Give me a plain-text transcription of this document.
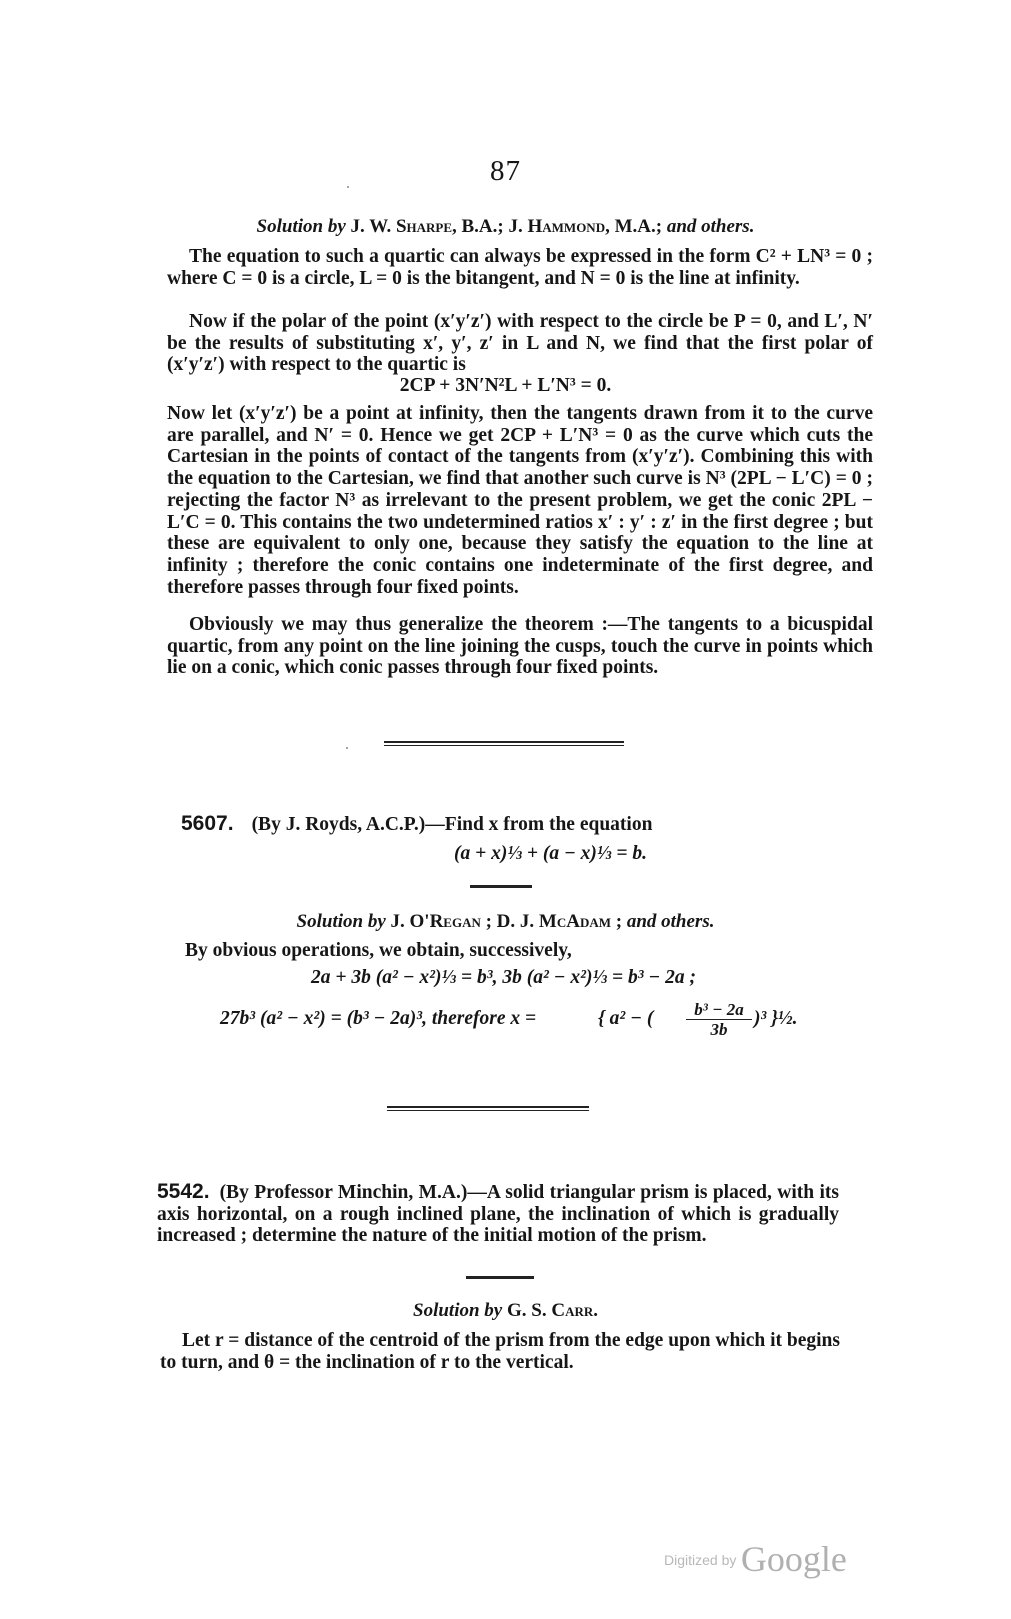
87
Solution by J. W. Sharpe, B.A.; J. Hammond, M.A.; and others.

The equation to such a quartic can always be expressed in the form C² + LN³ = 0 ; where C = 0 is a circle, L = 0 is the bitangent, and N = 0 is the line at infinity.

Now if the polar of the point (x′y′z′) with respect to the circle be P = 0, and L′, N′ be the results of substituting x′, y′, z′ in L and N, we find that the first polar of (x′y′z′) with respect to the quartic is

2CP + 3N′N²L + L′N³ = 0.

Now let (x′y′z′) be a point at infinity, then the tangents drawn from it to the curve are parallel, and N′ = 0. Hence we get 2CP + L′N³ = 0 as the curve which cuts the Cartesian in the points of contact of the tangents from (x′y′z′). Combining this with the equation to the Cartesian, we find that another such curve is N³ (2PL − L′C) = 0 ; rejecting the factor N³ as irrelevant to the present problem, we get the conic 2PL − L′C = 0. This contains the two undetermined ratios x′ : y′ : z′ in the first degree ; but these are equivalent to only one, because they satisfy the equation to the line at infinity ; therefore the conic contains one indeterminate of the first degree, and therefore passes through four fixed points.

Obviously we may thus generalize the theorem :—The tangents to a bicuspidal quartic, from any point on the line joining the cusps, touch the curve in points which lie on a conic, which conic passes through four fixed points.

5607. (By J. Royds, A.C.P.)—Find x from the equation
(a + x)⅓ + (a − x)⅓ = b.
Solution by J. O'Regan ; D. J. McAdam ; and others.
By obvious operations, we obtain, successively,
2a + 3b (a² − x²)⅓ = b³, 3b (a² − x²)⅓ = b³ − 2a ;
27b³ (a² − x²) = (b³ − 2a)³, therefore x =	{ a² − ( $\frac{\text{b³ − 2a}}{3b} )^3$ }½.

5542. (By Professor Minchin, M.A.)—A solid triangular prism is placed, with its axis horizontal, on a rough inclined plane, the inclination of which is gradually increased ; determine the nature of the initial motion of the prism.

Solution by G. S. Carr.

Let r = distance of the centroid of the prism from the edge upon which it begins to turn, and θ = the inclination of r to the vertical.

Digitized by Google
